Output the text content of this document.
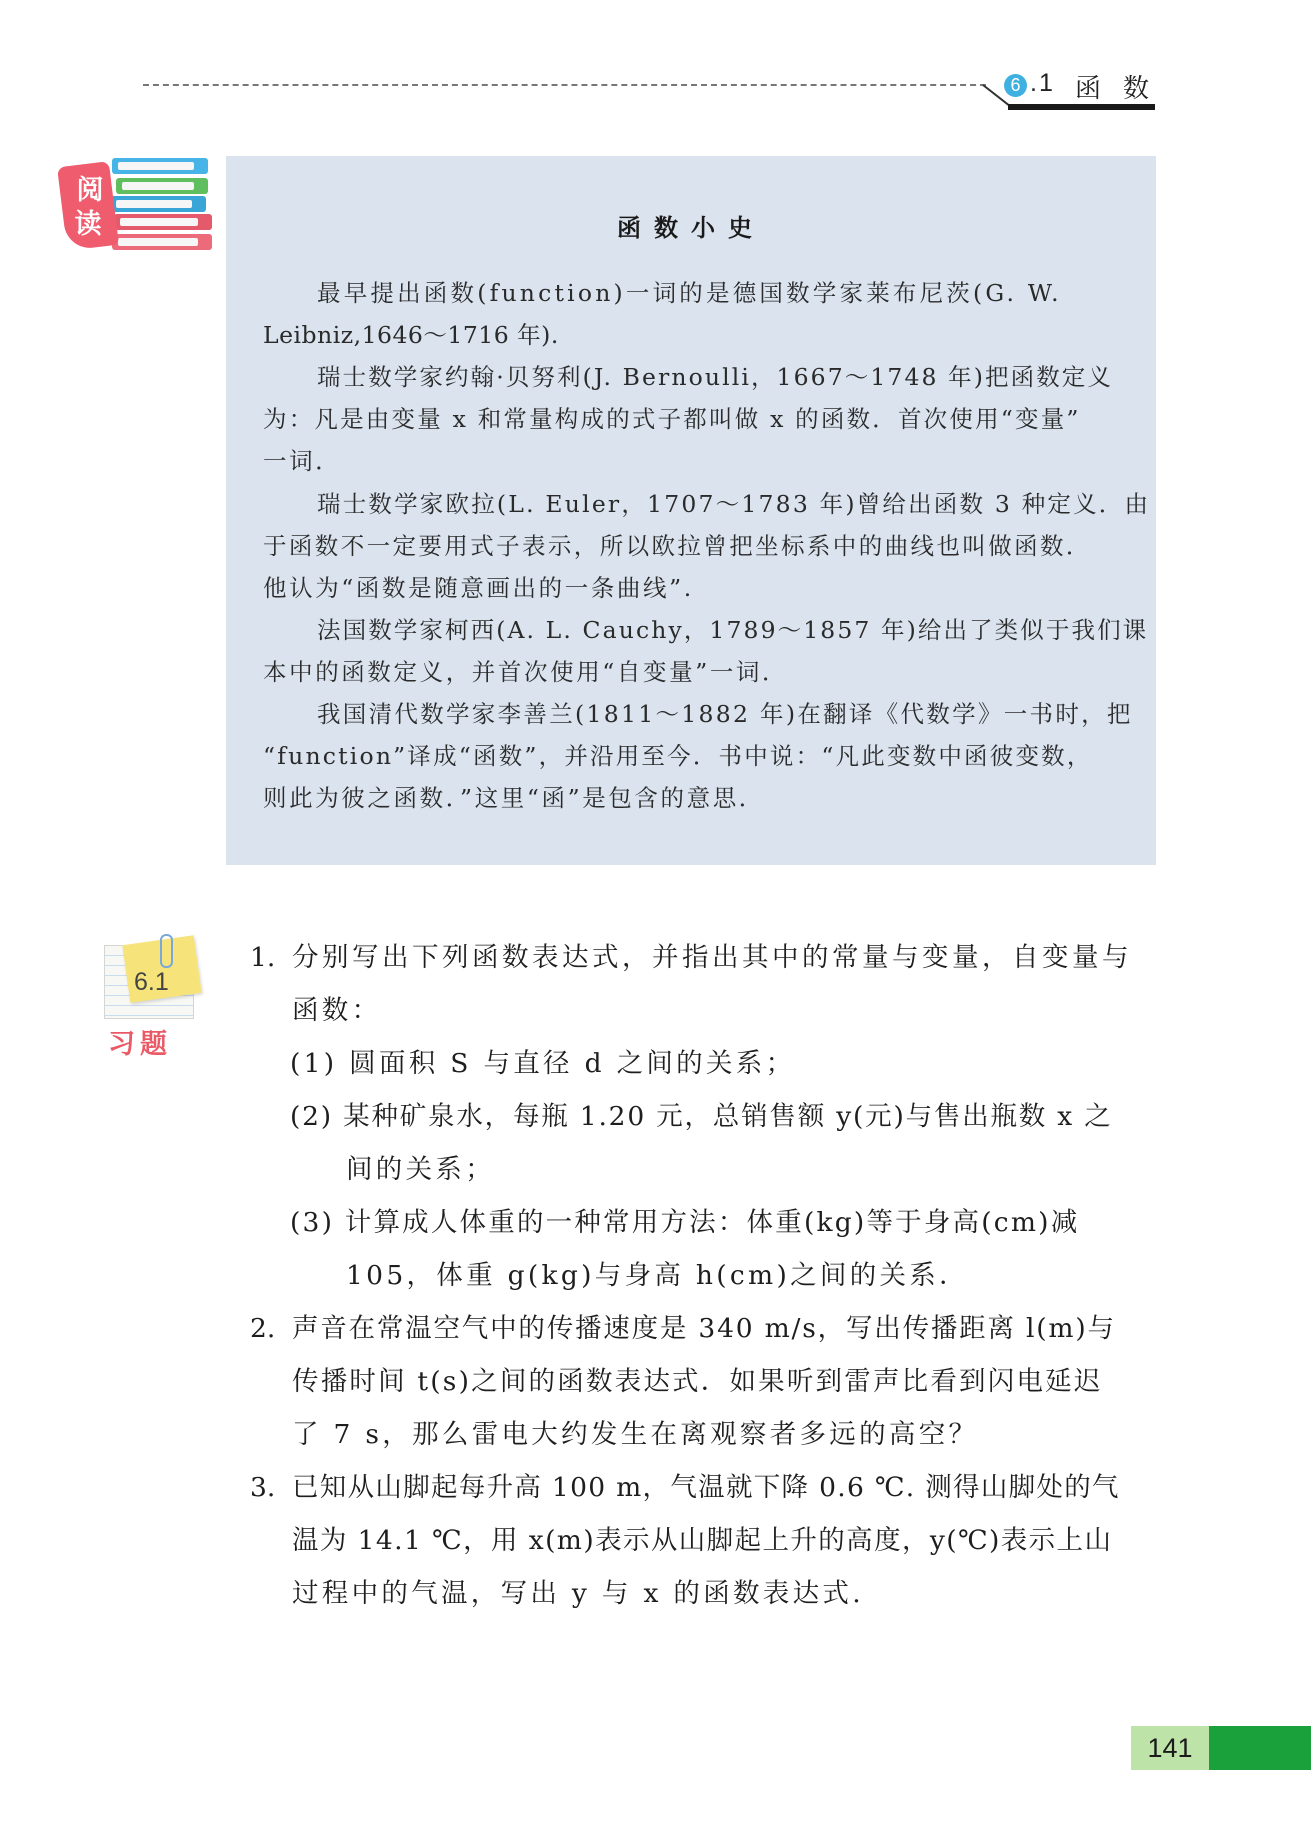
6 .1 函数
阅
读	函数小史
最早提出函数(function)一词的是德国数学家莱布尼茨(G. W.
Leibniz,1646～1716 年).
瑞士数学家约翰·贝努利(J. Bernoulli，1667～1748 年)把函数定义
为：凡是由变量 x 和常量构成的式子都叫做 x 的函数．首次使用“变量”
一词．
瑞士数学家欧拉(L. Euler，1707～1783 年)曾给出函数 3 种定义．由
于函数不一定要用式子表示，所以欧拉曾把坐标系中的曲线也叫做函数．
他认为“函数是随意画出的一条曲线”.
法国数学家柯西(A. L. Cauchy，1789～1857 年)给出了类似于我们课
本中的函数定义，并首次使用“自变量”一词．
我国清代数学家李善兰(1811～1882 年)在翻译《代数学》一书时，把
“function”译成“函数”，并沿用至今．书中说：“凡此变数中函彼变数，
则此为彼之函数．”这里“函”是包含的意思．
6.1
习题
1. 分别写出下列函数表达式，并指出其中的常量与变量，自变量与
函数：
(1) 圆面积 S 与直径 d 之间的关系；
(2) 某种矿泉水，每瓶 1.20 元，总销售额 y(元)与售出瓶数 x 之
间的关系；
(3) 计算成人体重的一种常用方法：体重(kg)等于身高(cm)减
105，体重 g(kg)与身高 h(cm)之间的关系．
2. 声音在常温空气中的传播速度是 340 m/s，写出传播距离 l(m)与
传播时间 t(s)之间的函数表达式．如果听到雷声比看到闪电延迟
了 7 s，那么雷电大约发生在离观察者多远的高空？
3. 已知从山脚起每升高 100 m，气温就下降 0.6 ℃. 测得山脚处的气
温为 14.1 ℃，用 x(m)表示从山脚起上升的高度，y(℃)表示上山
过程中的气温，写出 y 与 x 的函数表达式.
141
